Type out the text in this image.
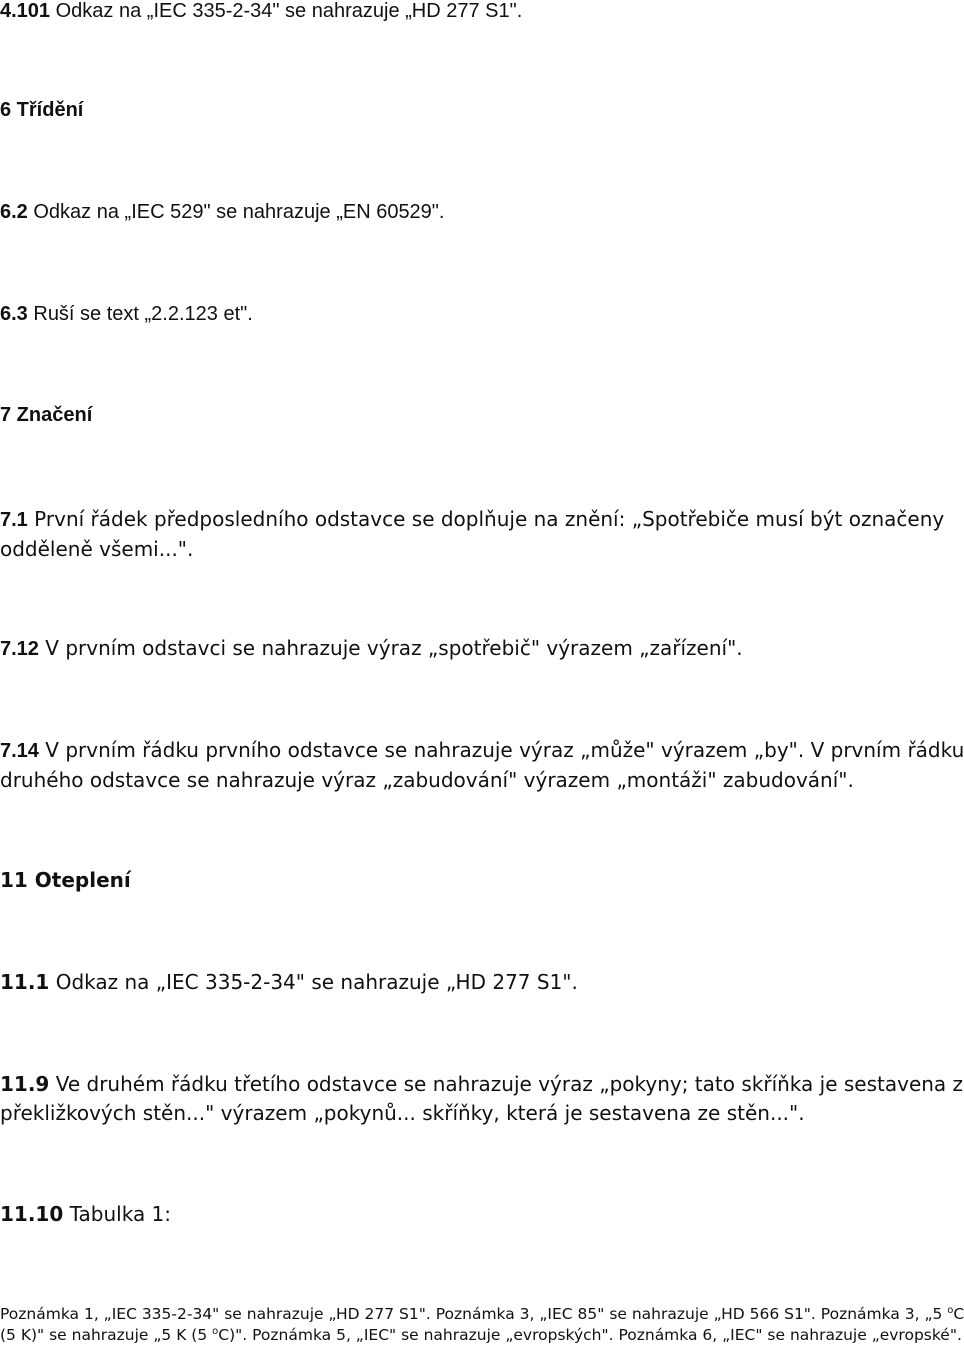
4.101 Odkaz na „IEC 335-2-34" se nahrazuje „HD 277 S1".
6 Třídění
6.2 Odkaz na „IEC 529" se nahrazuje „EN 60529".
6.3 Ruší se text „2.2.123 et".
7 Značení
7.1 První řádek předposledního odstavce se doplňuje na znění: „Spotřebiče musí být označeny
odděleně všemi...".
7.12 V prvním odstavci se nahrazuje výraz „spotřebič" výrazem „zařízení".
7.14 V prvním řádku prvního odstavce se nahrazuje výraz „může" výrazem „by". V prvním řádku
druhého odstavce se nahrazuje výraz „zabudování" výrazem „montáži" zabudování".
11 Oteplení
11.1 Odkaz na „IEC 335-2-34" se nahrazuje „HD 277 S1".
11.9 Ve druhém řádku třetího odstavce se nahrazuje výraz „pokyny; tato skříňka je sestavena z
překližkových stěn..." výrazem „pokynů... skříňky, která je sestavena ze stěn...".
11.10 Tabulka 1:
Poznámka 1, „IEC 335-2-34" se nahrazuje „HD 277 S1". Poznámka 3, „IEC 85" se nahrazuje „HD 566 S1". Poznámka 3, „5 $^o$C
(5 K)" se nahrazuje „5 K (5 $^o$C)". Poznámka 5, „IEC" se nahrazuje „evropských". Poznámka 6, „IEC" se nahrazuje „evropské".
